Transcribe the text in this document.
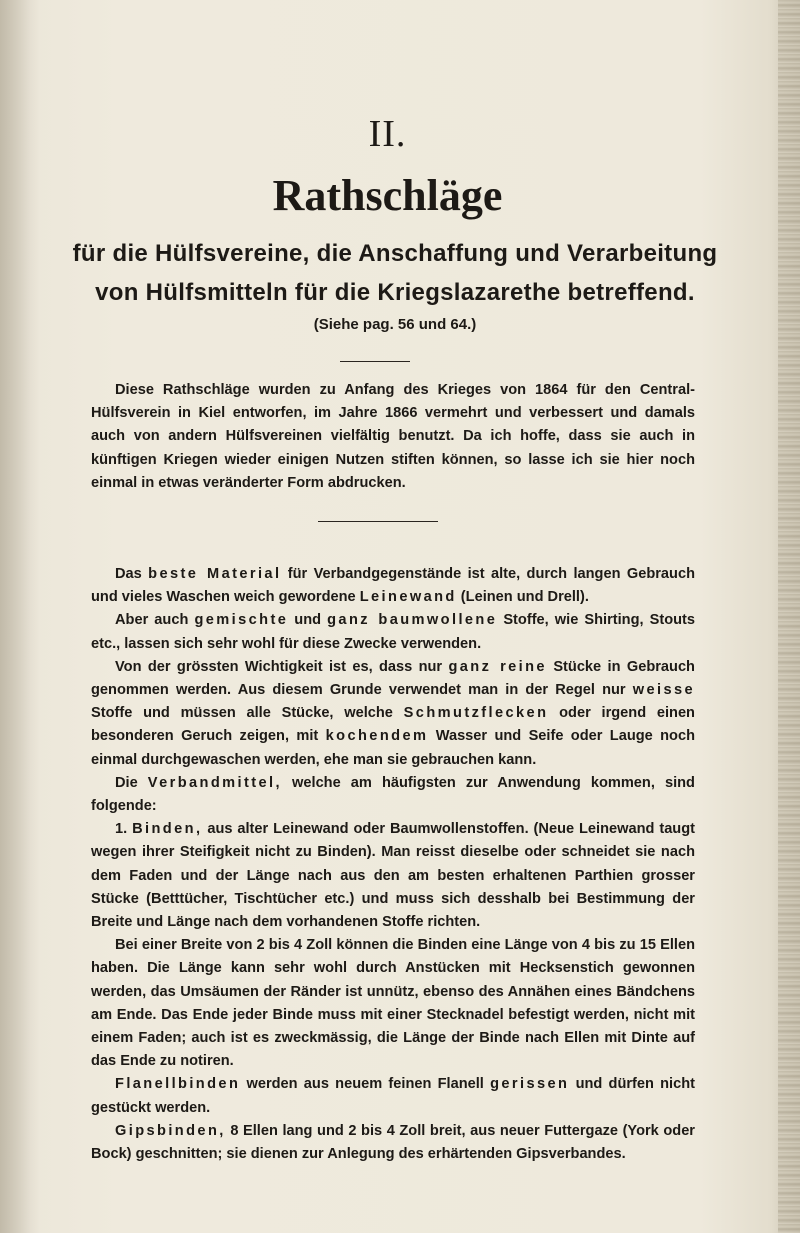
II.
Rathschläge
für die Hülfsvereine, die Anschaffung und Verarbeitung
von Hülfsmitteln für die Kriegslazarethe betreffend.
(Siehe pag. 56 und 64.)

Diese Rathschläge wurden zu Anfang des Krieges von 1864 für den Central-Hülfsverein in Kiel entworfen, im Jahre 1866 vermehrt und verbessert und damals auch von andern Hülfsvereinen vielfältig benutzt. Da ich hoffe, dass sie auch in künftigen Kriegen wieder einigen Nutzen stiften können, so lasse ich sie hier noch einmal in etwas veränderter Form abdrucken.

Das beste Material für Verbandgegenstände ist alte, durch langen Gebrauch und vieles Waschen weich gewordene Leinewand (Leinen und Drell).

Aber auch gemischte und ganz baumwollene Stoffe, wie Shirting, Stouts etc., lassen sich sehr wohl für diese Zwecke verwenden.

Von der grössten Wichtigkeit ist es, dass nur ganz reine Stücke in Gebrauch genommen werden. Aus diesem Grunde verwendet man in der Regel nur weisse Stoffe und müssen alle Stücke, welche Schmutzflecken oder irgend einen besonderen Geruch zeigen, mit kochendem Wasser und Seife oder Lauge noch einmal durchgewaschen werden, ehe man sie gebrauchen kann.

Die Verbandmittel, welche am häufigsten zur Anwendung kommen, sind folgende:

1. Binden, aus alter Leinewand oder Baumwollenstoffen. (Neue Leinewand taugt wegen ihrer Steifigkeit nicht zu Binden). Man reisst dieselbe oder schneidet sie nach dem Faden und der Länge nach aus den am besten erhaltenen Parthien grosser Stücke (Betttücher, Tischtücher etc.) und muss sich desshalb bei Bestimmung der Breite und Länge nach dem vorhandenen Stoffe richten.

Bei einer Breite von 2 bis 4 Zoll können die Binden eine Länge von 4 bis zu 15 Ellen haben. Die Länge kann sehr wohl durch Anstücken mit Hecksenstich gewonnen werden, das Umsäumen der Ränder ist unnütz, ebenso des Annähen eines Bändchens am Ende. Das Ende jeder Binde muss mit einer Stecknadel befestigt werden, nicht mit einem Faden; auch ist es zweckmässig, die Länge der Binde nach Ellen mit Dinte auf das Ende zu notiren.

Flanellbinden werden aus neuem feinen Flanell gerissen und dürfen nicht gestückt werden.

Gipsbinden, 8 Ellen lang und 2 bis 4 Zoll breit, aus neuer Futtergaze (York oder Bock) geschnitten; sie dienen zur Anlegung des erhärtenden Gipsverbandes.
